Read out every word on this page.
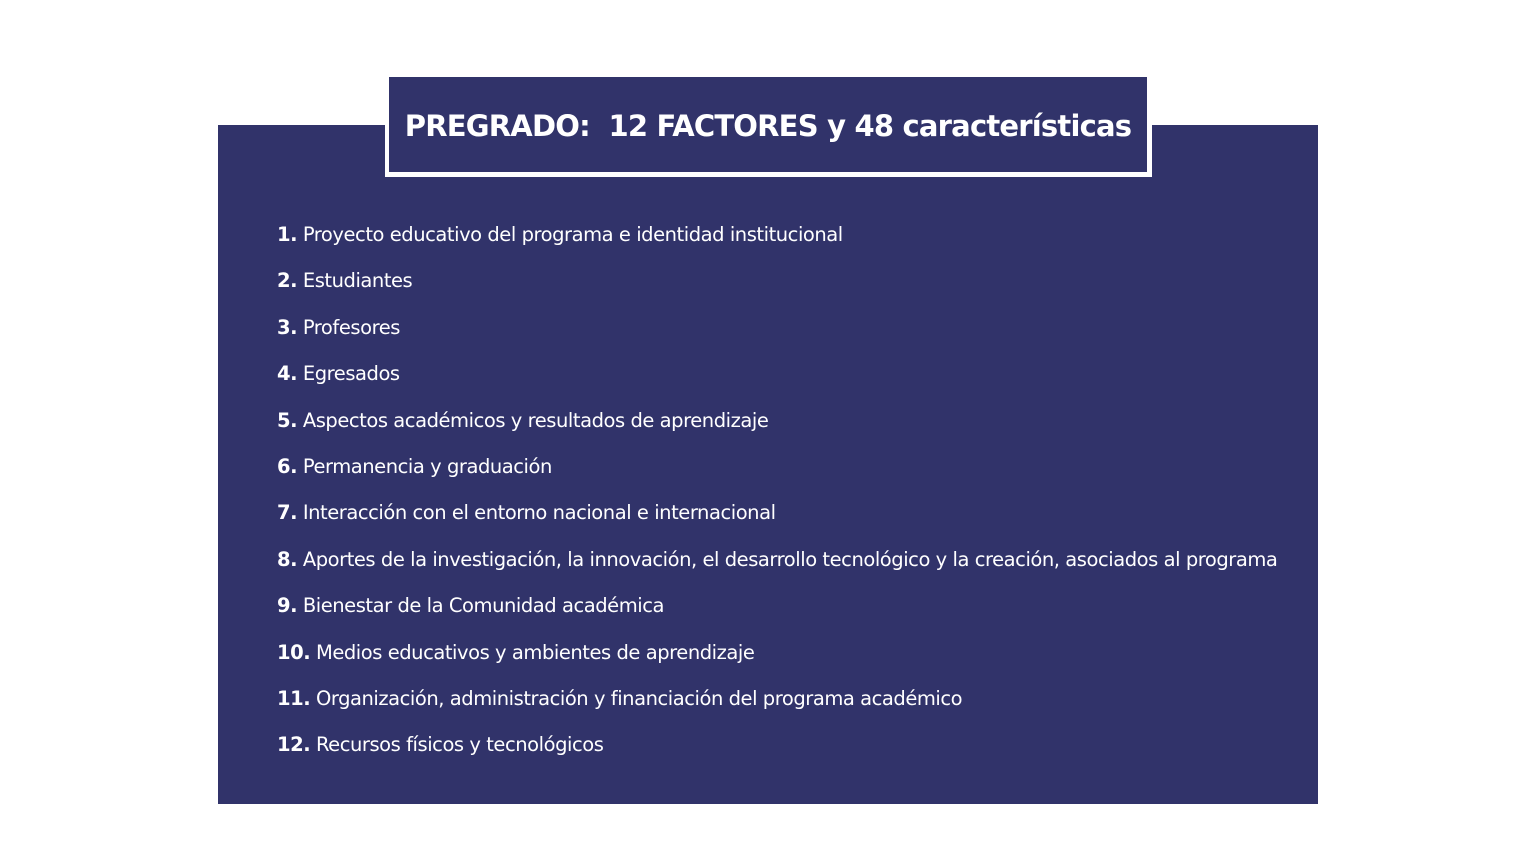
PREGRADO:  12 FACTORES y 48 características
1. Proyecto educativo del programa e identidad institucional
2. Estudiantes
3. Profesores
4. Egresados
5. Aspectos académicos y resultados de aprendizaje
6. Permanencia y graduación
7. Interacción con el entorno nacional e internacional
8. Aportes de la investigación, la innovación, el desarrollo tecnológico y la creación, asociados al programa
9. Bienestar de la Comunidad académica
10. Medios educativos y ambientes de aprendizaje
11. Organización, administración y financiación del programa académico
12. Recursos físicos y tecnológicos
